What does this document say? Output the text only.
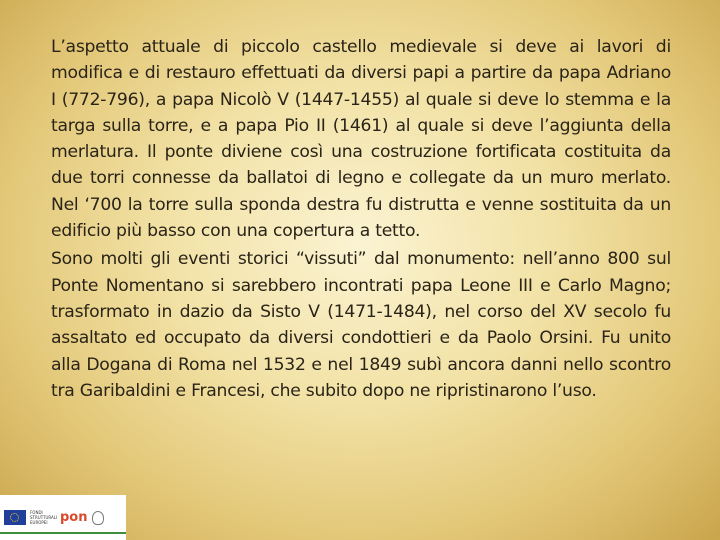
L’aspetto attuale di piccolo castello medievale si deve ai lavori di modifica e di restauro effettuati da diversi papi a partire da papa Adriano I (772-796), a papa Nicolò V (1447-1455) al quale si deve lo stemma e la targa sulla torre, e a papa Pio II (1461) al quale si deve l’aggiunta della merlatura. Il ponte diviene così una costruzione fortificata costituita da due torri connesse da ballatoi di legno e collegate da un muro merlato. Nel ‘700 la torre sulla sponda destra fu distrutta e venne sostituita da un edificio più basso con una copertura a tetto.

Sono molti gli eventi storici “vissuti” dal monumento: nell’anno 800 sul Ponte Nomentano si sarebbero incontrati papa Leone III e Carlo Magno; trasformato in dazio da Sisto V (1471-1484), nel corso del XV secolo fu assaltato ed occupato da diversi condottieri e da Paolo Orsini. Fu unito alla Dogana di Roma nel 1532 e nel 1849 subì ancora danni nello scontro tra Garibaldini e Francesi, che subito dopo ne ripristinarono l’uso.

FONDI STRUTTURALI EUROPEI pon
